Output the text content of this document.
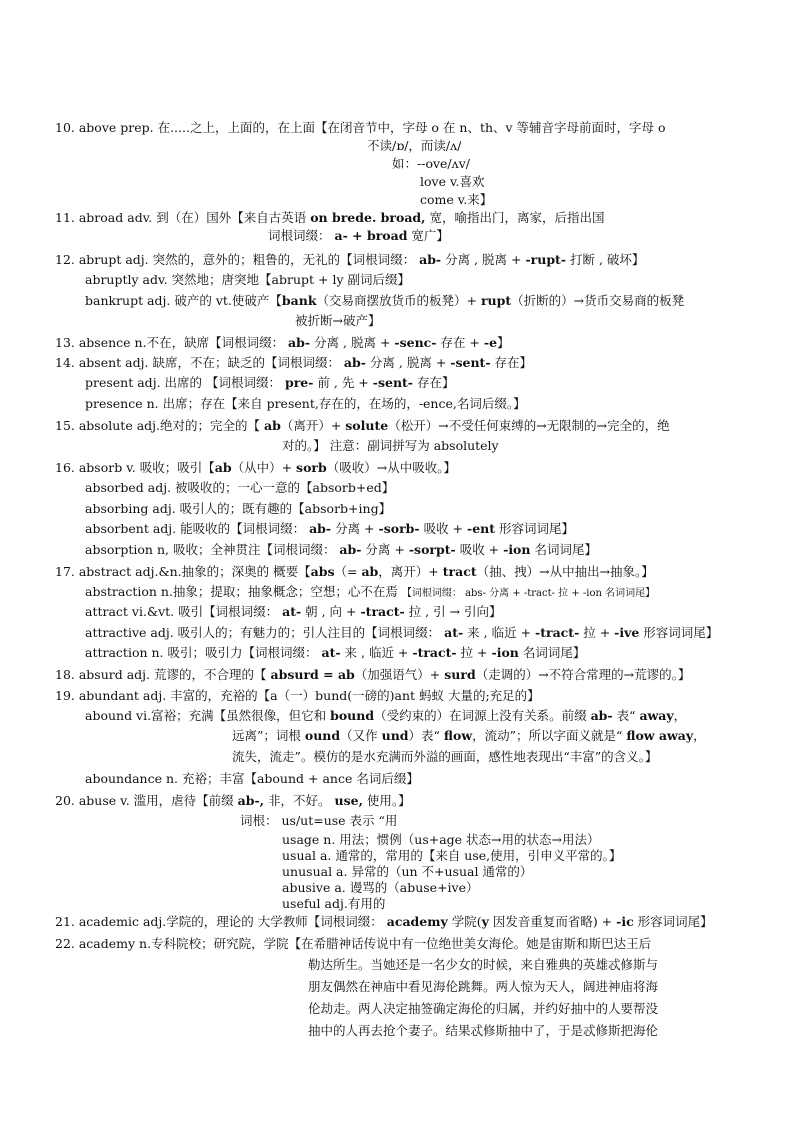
10. above prep. 在.....之上，上面的，在上面【在闭音节中，字母 o 在 n、th、v 等辅音字母前面时，字母 o
不读/ɒ/，而读/ʌ/
如：--ove/ʌv/
love v.喜欢
come v.来】
11. abroad adv. 到（在）国外【来自古英语 on brede. broad, 宽，喻指出门，离家，后指出国
词根词缀： a- + broad 宽广】
12. abrupt adj. 突然的，意外的；粗鲁的，无礼的【词根词缀： ab- 分离 , 脱离 + -rupt- 打断 , 破坏】
abruptly adv. 突然地；唐突地【abrupt + ly 副词后缀】
bankrupt adj. 破产的 vt.使破产【bank（交易商摆放货币的板凳）+ rupt（折断的）→货币交易商的板凳
被折断→破产】
13. absence n.不在，缺席【词根词缀： ab- 分离 , 脱离 + -senc- 存在 + -e】
14. absent adj. 缺席，不在；缺乏的【词根词缀： ab- 分离 , 脱离 + -sent- 存在】
present adj. 出席的 【词根词缀： pre- 前 , 先 + -sent- 存在】
presence n. 出席；存在【来自 present,存在的，在场的，-ence,名词后缀。】
15. absolute adj.绝对的；完全的【 ab（离开）+ solute（松开）→不受任何束缚的→无限制的→完全的，绝
对的。】 注意：副词拼写为 absolutely
16. absorb v. 吸收；吸引【ab（从中）+ sorb（吸收）→从中吸收。】
absorbed adj. 被吸收的；一心一意的【absorb+ed】
absorbing adj. 吸引人的；既有趣的【absorb+ing】
absorbent adj. 能吸收的【词根词缀： ab- 分离 + -sorb- 吸收 + -ent 形容词词尾】
absorption n, 吸收；全神贯注【词根词缀： ab- 分离 + -sorpt- 吸收 + -ion 名词词尾】
17. abstract adj.&n.抽象的；深奥的 概要【abs（= ab，离开）+ tract（抽、拽）→从中抽出→抽象。】
abstraction n.抽象；提取；抽象概念；空想；心不在焉 【词根词缀： abs- 分离 + -tract- 拉 + -ion 名词词尾】
attract vi.&vt. 吸引【词根词缀： at- 朝 , 向 + -tract- 拉 , 引 → 引向】
attractive adj. 吸引人的；有魅力的；引人注目的【词根词缀： at- 来 , 临近 + -tract- 拉 + -ive 形容词词尾】
attraction n. 吸引；吸引力【词根词缀： at- 来 , 临近 + -tract- 拉 + -ion 名词词尾】
18. absurd adj. 荒谬的，不合理的【 absurd = ab（加强语气）+ surd（走调的）→不符合常理的→荒谬的。】
19. abundant adj. 丰富的，充裕的【a（一）bund(一磅的)ant 蚂蚁 大量的;充足的】
abound vi.富裕；充满【虽然很像，但它和 bound（受约束的）在词源上没有关系。前缀 ab- 表“ away，
远离”；词根 ound（又作 und）表“ flow，流动”；所以字面义就是“ flow away，
流失，流走”。模仿的是水充满而外溢的画面，感性地表现出“丰富”的含义。】
aboundance n. 充裕；丰富【abound + ance 名词后缀】
20. abuse v. 滥用，虐待【前缀 ab-, 非，不好。 use, 使用。】
词根： us/ut=use 表示 “用
usage n. 用法；惯例（us+age 状态→用的状态→用法）
usual a. 通常的，常用的【来自 use,使用，引申义平常的。】
unusual a. 异常的（un 不+usual 通常的）
abusive a. 谩骂的（abuse+ive）
useful adj.有用的
21. academic adj.学院的，理论的 大学教师【词根词缀： academy 学院(y 因发音重复而省略) + -ic 形容词词尾】
22. academy n.专科院校；研究院，学院【在希腊神话传说中有一位绝世美女海伦。她是宙斯和斯巴达王后
勒达所生。当她还是一名少女的时候，来自雅典的英雄忒修斯与
朋友偶然在神庙中看见海伦跳舞。两人惊为天人，阔进神庙将海
伦劫走。两人决定抽签确定海伦的归属，并约好抽中的人要帮没
抽中的人再去抢个妻子。结果忒修斯抽中了，于是忒修斯把海伦
